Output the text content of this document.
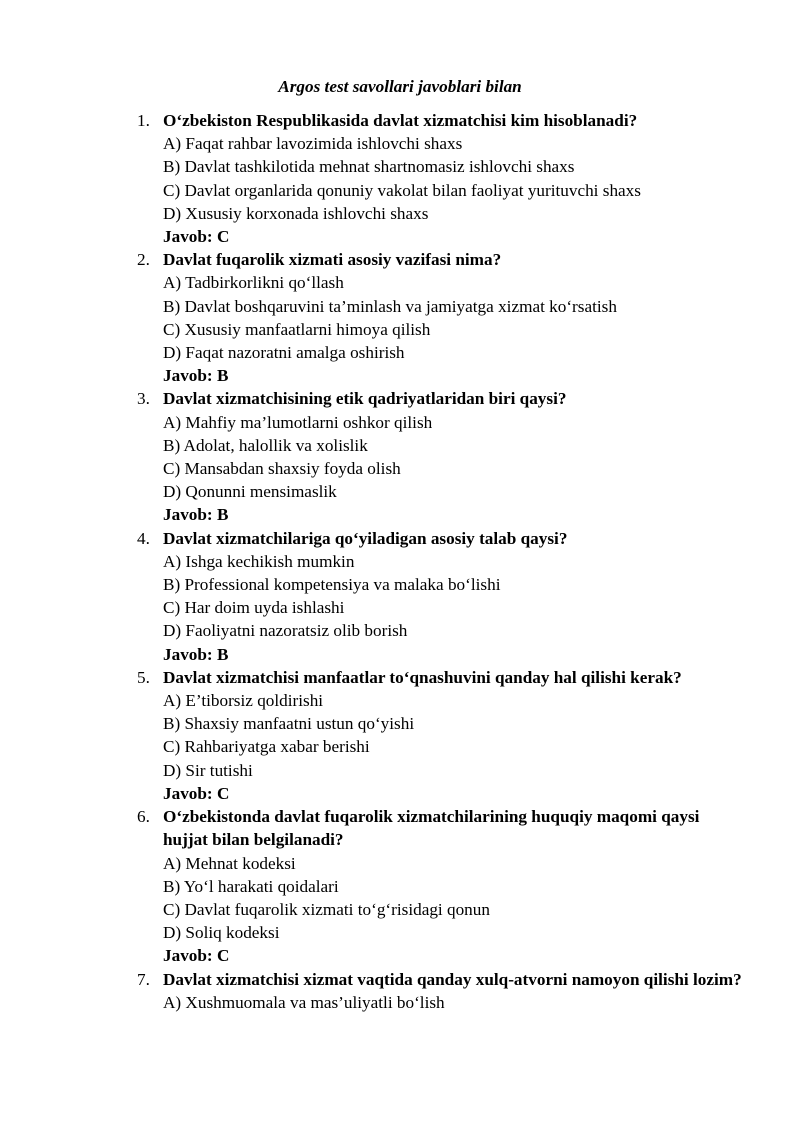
Argos test savollari javoblari bilan
1. O‘zbekiston Respublikasida davlat xizmatchisi kim hisoblanadi?
A) Faqat rahbar lavozimida ishlovchi shaxs
B) Davlat tashkilotida mehnat shartnomasiz ishlovchi shaxs
C) Davlat organlarida qonuniy vakolat bilan faoliyat yurituvchi shaxs
D) Xususiy korxonada ishlovchi shaxs
Javob: C
2. Davlat fuqarolik xizmati asosiy vazifasi nima?
A) Tadbirkorlikni qo‘llash
B) Davlat boshqaruvini ta’minlash va jamiyatga xizmat ko‘rsatish
C) Xususiy manfaatlarni himoya qilish
D) Faqat nazoratni amalga oshirish
Javob: B
3. Davlat xizmatchisining etik qadriyatlaridan biri qaysi?
A) Mahfiy ma’lumotlarni oshkor qilish
B) Adolat, halollik va xolislik
C) Mansabdan shaxsiy foyda olish
D) Qonunni mensimaslik
Javob: B
4. Davlat xizmatchilariga qo‘yiladigan asosiy talab qaysi?
A) Ishga kechikish mumkin
B) Professional kompetensiya va malaka bo‘lishi
C) Har doim uyda ishlashi
D) Faoliyatni nazoratsiz olib borish
Javob: B
5. Davlat xizmatchisi manfaatlar to‘qnashuvini qanday hal qilishi kerak?
A) E’tiborsiz qoldirishi
B) Shaxsiy manfaatni ustun qo‘yishi
C) Rahbariyatga xabar berishi
D) Sir tutishi
Javob: C
6. O‘zbekistonda davlat fuqarolik xizmatchilarining huquqiy maqomi qaysi hujjat bilan belgilanadi?
A) Mehnat kodeksi
B) Yo‘l harakati qoidalari
C) Davlat fuqarolik xizmati to‘g‘risidagi qonun
D) Soliq kodeksi
Javob: C
7. Davlat xizmatchisi xizmat vaqtida qanday xulq-atvorni namoyon qilishi lozim?
A) Xushmuomala va mas’uliyatli bo‘lish
